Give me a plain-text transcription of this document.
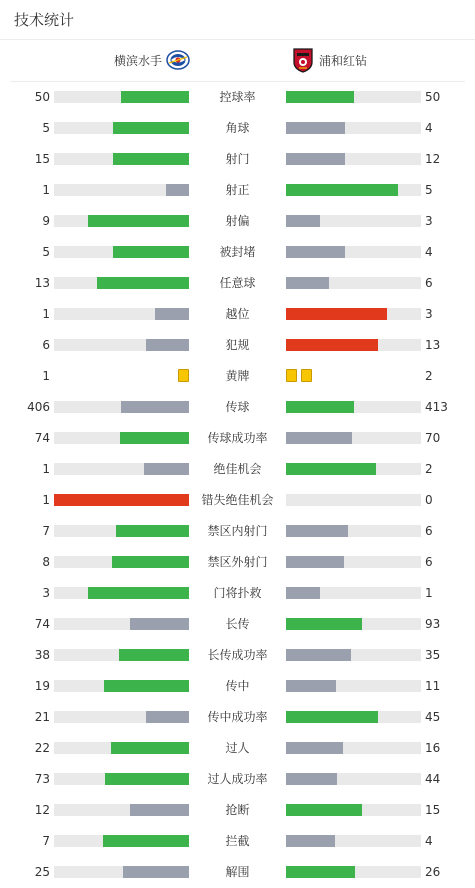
技术统计
横滨水手	浦和红钻
50	控球率	50
5	角球	4
15	射门	12
1	射正	5
9	射偏	3
5	被封堵	4
13	任意球	6
1	越位	3
6	犯规	13
1	黄牌	2
406	传球	413
74	传球成功率	70
1	绝佳机会	2
1	错失绝佳机会	0
7	禁区内射门	6
8	禁区外射门	6
3	门将扑救	1
74	长传	93
38	长传成功率	35
19	传中	11
21	传中成功率	45
22	过人	16
73	过人成功率	44
12	抢断	15
7	拦截	4
25	解围	26
